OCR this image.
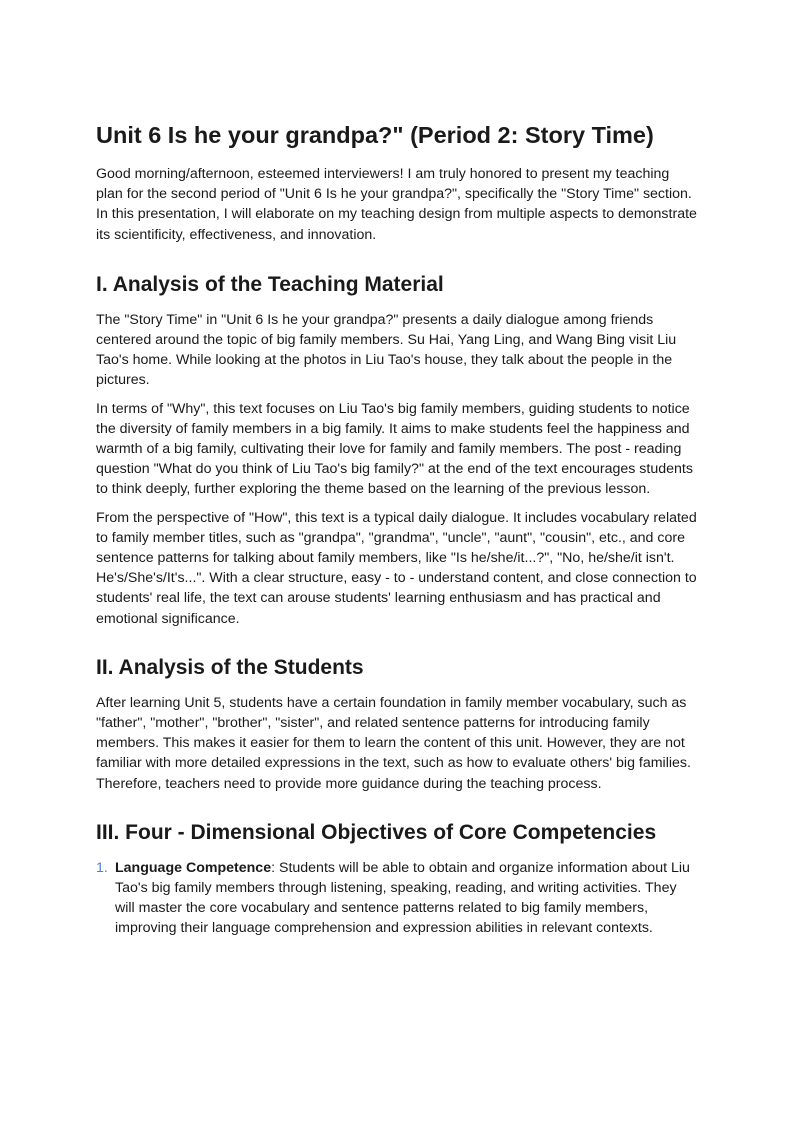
Unit 6 Is he your grandpa?" (Period 2: Story Time)

Good morning/afternoon, esteemed interviewers! I am truly honored to present my teaching plan for the second period of "Unit 6 Is he your grandpa?", specifically the "Story Time" section. In this presentation, I will elaborate on my teaching design from multiple aspects to demonstrate its scientificity, effectiveness, and innovation.

I. Analysis of the Teaching Material

The "Story Time" in "Unit 6 Is he your grandpa?" presents a daily dialogue among friends centered around the topic of big family members. Su Hai, Yang Ling, and Wang Bing visit Liu Tao's home. While looking at the photos in Liu Tao's house, they talk about the people in the pictures.

In terms of "Why", this text focuses on Liu Tao's big family members, guiding students to notice the diversity of family members in a big family. It aims to make students feel the happiness and warmth of a big family, cultivating their love for family and family members. The post - reading question "What do you think of Liu Tao's big family?" at the end of the text encourages students to think deeply, further exploring the theme based on the learning of the previous lesson.

From the perspective of "How", this text is a typical daily dialogue. It includes vocabulary related to family member titles, such as "grandpa", "grandma", "uncle", "aunt", "cousin", etc., and core sentence patterns for talking about family members, like "Is he/she/it...?", "No, he/she/it isn't. He's/She's/It's...". With a clear structure, easy - to - understand content, and close connection to students' real life, the text can arouse students' learning enthusiasm and has practical and emotional significance.

II. Analysis of the Students

After learning Unit 5, students have a certain foundation in family member vocabulary, such as "father", "mother", "brother", "sister", and related sentence patterns for introducing family members. This makes it easier for them to learn the content of this unit. However, they are not familiar with more detailed expressions in the text, such as how to evaluate others' big families. Therefore, teachers need to provide more guidance during the teaching process.

III. Four - Dimensional Objectives of Core Competencies
1. Language Competence: Students will be able to obtain and organize information about Liu Tao's big family members through listening, speaking, reading, and writing activities. They will master the core vocabulary and sentence patterns related to big family members, improving their language comprehension and expression abilities in relevant contexts.
